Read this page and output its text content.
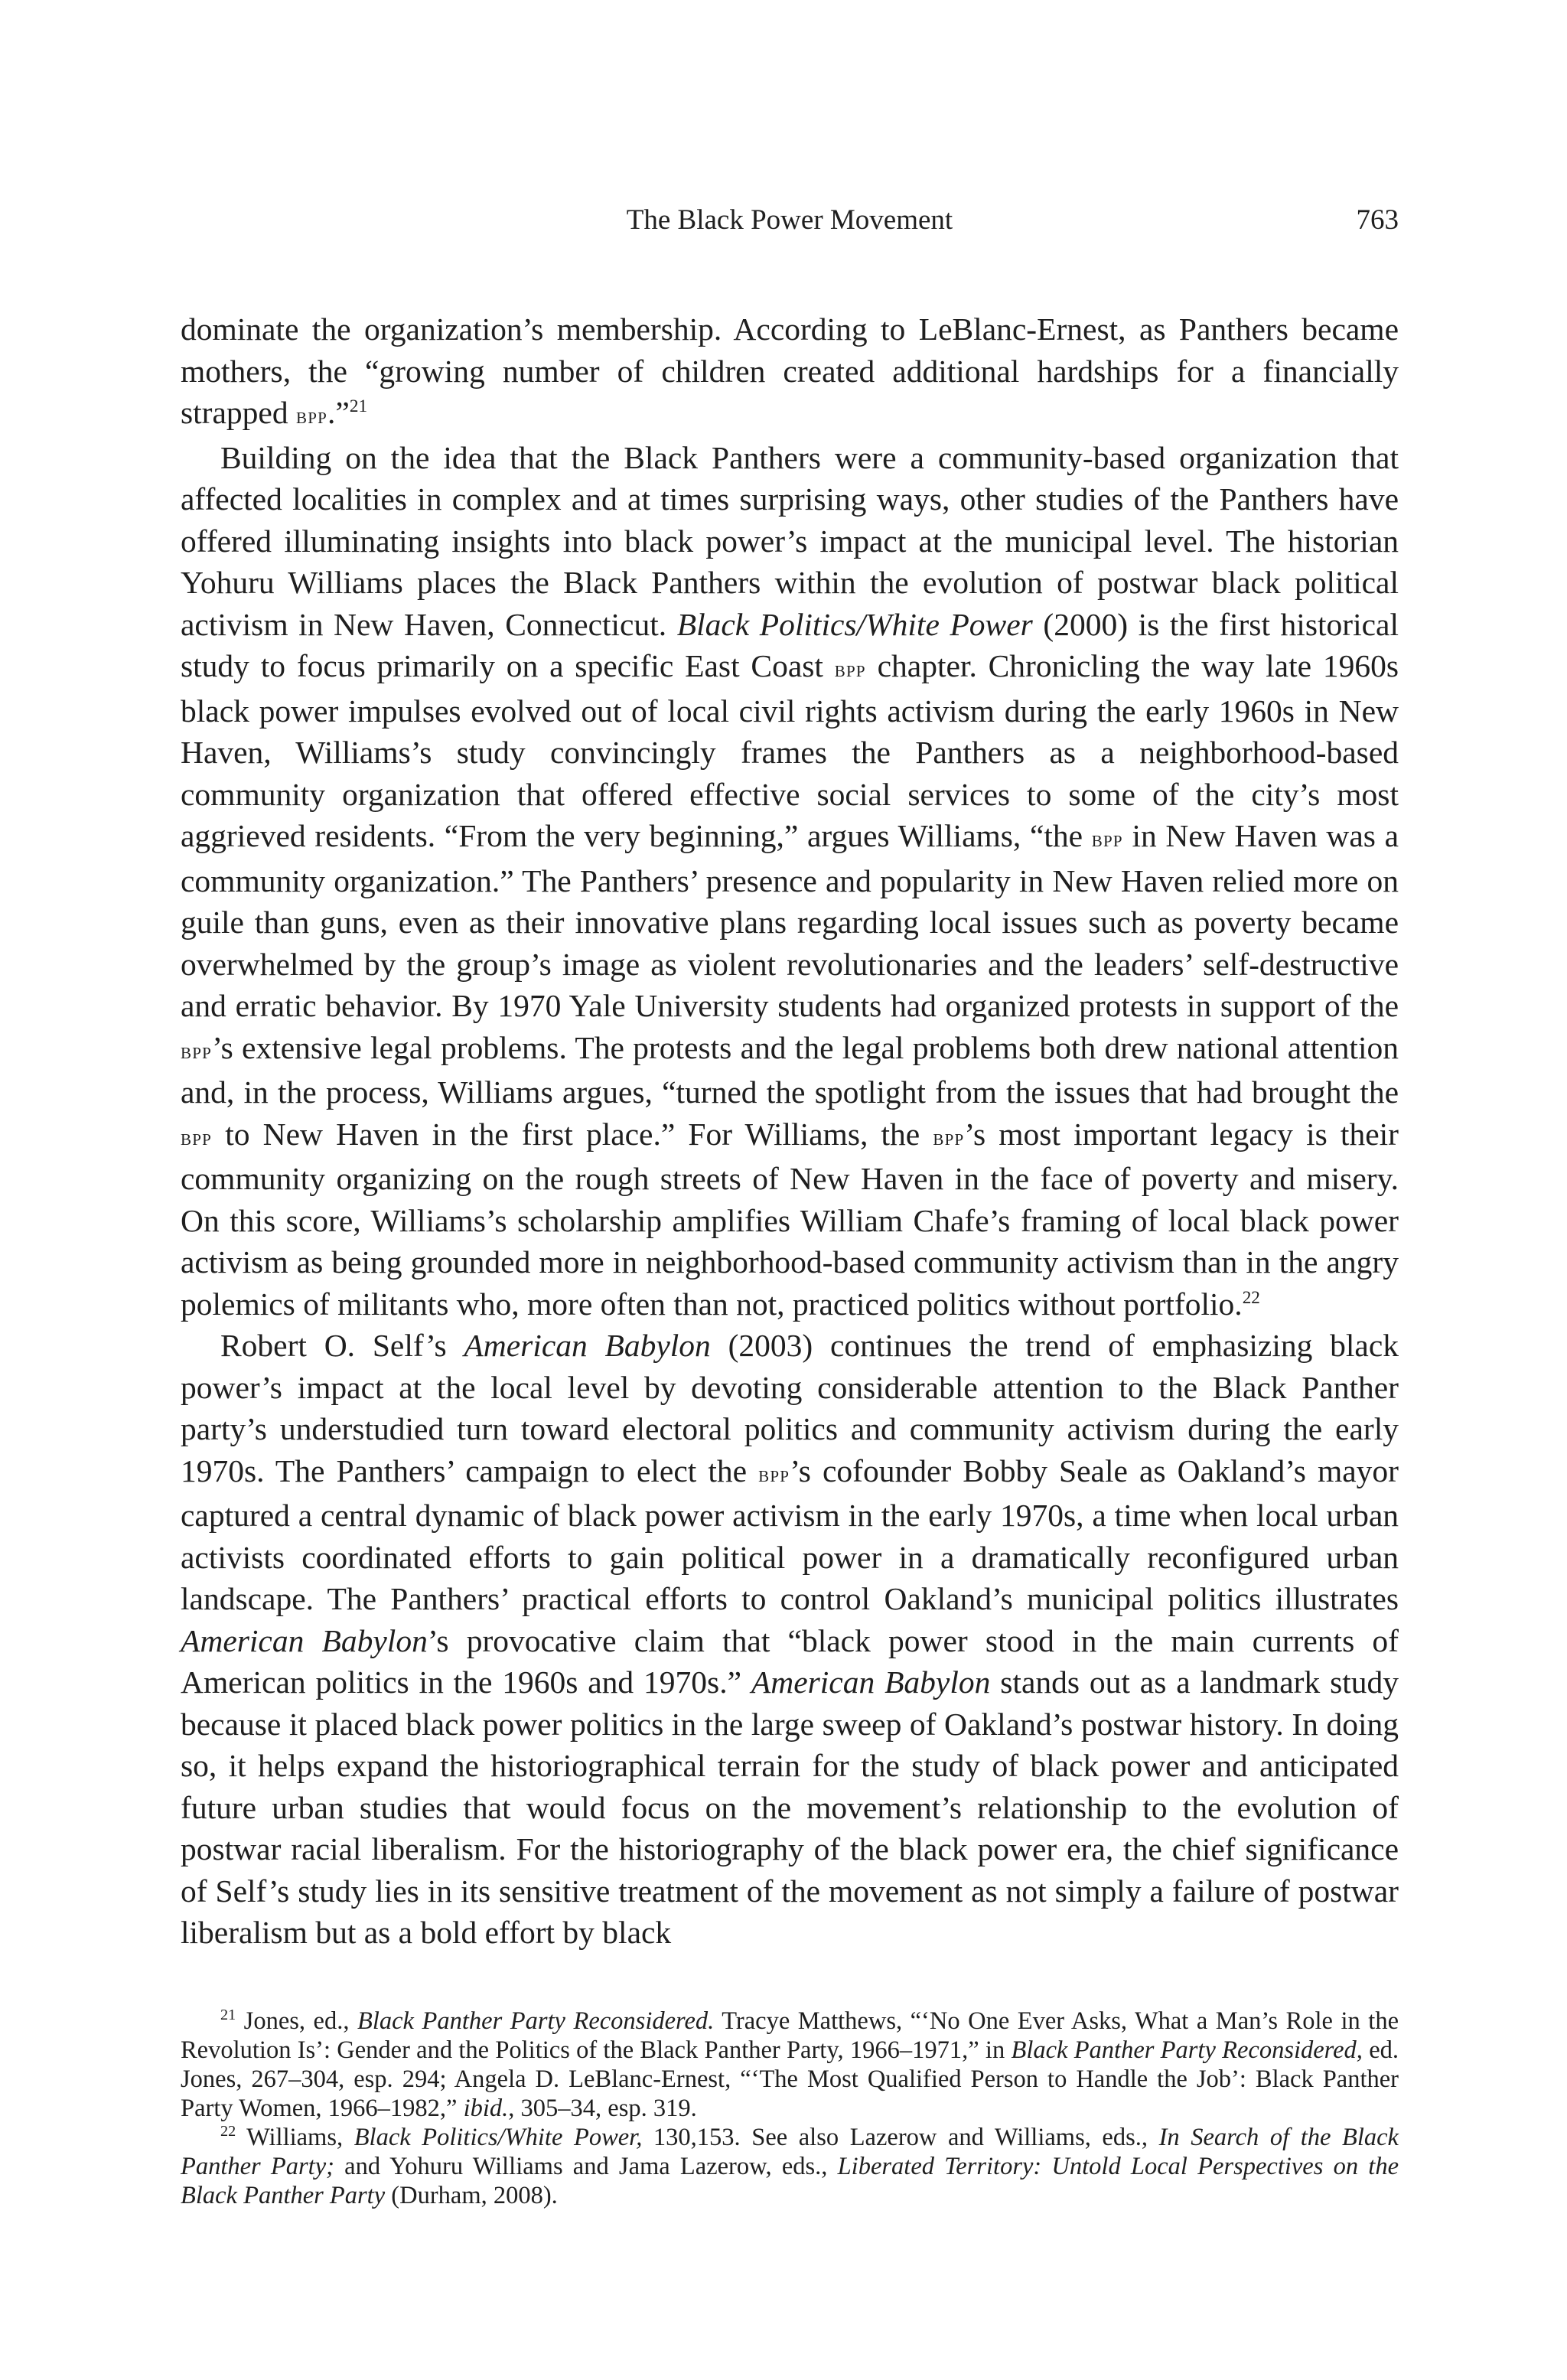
The Black Power Movement	763

dominate the organization’s membership. According to LeBlanc-Ernest, as Panthers became mothers, the “growing number of children created additional hardships for a financially strapped bpp.”$^{21}$

Building on the idea that the Black Panthers were a community-based organization that affected localities in complex and at times surprising ways, other studies of the Panthers have offered illuminating insights into black power’s impact at the municipal level. The historian Yohuru Williams places the Black Panthers within the evolution of postwar black political activism in New Haven, Connecticut. Black Politics/White Power (2000) is the first historical study to focus primarily on a specific East Coast bpp chapter. Chronicling the way late 1960s black power impulses evolved out of local civil rights activism during the early 1960s in New Haven, Williams’s study convincingly frames the Panthers as a neighborhood-based community organization that offered effective social services to some of the city’s most aggrieved residents. “From the very beginning,” argues Williams, “the bpp in New Haven was a community organization.” The Panthers’ presence and popularity in New Haven relied more on guile than guns, even as their innovative plans regarding local issues such as poverty became overwhelmed by the group’s image as violent revolutionaries and the leaders’ self-destructive and erratic behavior. By 1970 Yale University students had organized protests in support of the bpp’s extensive legal problems. The protests and the legal problems both drew national attention and, in the process, Williams argues, “turned the spotlight from the issues that had brought the bpp to New Haven in the first place.” For Williams, the bpp’s most important legacy is their community organizing on the rough streets of New Haven in the face of poverty and misery. On this score, Williams’s scholarship amplifies William Chafe’s framing of local black power activism as being grounded more in neighborhood-based community activism than in the angry polemics of militants who, more often than not, practiced politics without portfolio.$^{22}$

Robert O. Self’s American Babylon (2003) continues the trend of emphasizing black power’s impact at the local level by devoting considerable attention to the Black Panther party’s understudied turn toward electoral politics and community activism during the early 1970s. The Panthers’ campaign to elect the bpp’s cofounder Bobby Seale as Oakland’s mayor captured a central dynamic of black power activism in the early 1970s, a time when local urban activists coordinated efforts to gain political power in a dramatically reconfigured urban landscape. The Panthers’ practical efforts to control Oakland’s municipal politics illustrates American Babylon’s provocative claim that “black power stood in the main currents of American politics in the 1960s and 1970s.” American Babylon stands out as a landmark study because it placed black power politics in the large sweep of Oakland’s postwar history. In doing so, it helps expand the historiographical terrain for the study of black power and anticipated future urban studies that would focus on the movement’s relationship to the evolution of postwar racial liberalism. For the historiography of the black power era, the chief significance of Self’s study lies in its sensitive treatment of the movement as not simply a failure of postwar liberalism but as a bold effort by black

$^{21}$ Jones, ed., Black Panther Party Reconsidered. Tracye Matthews, “‘No One Ever Asks, What a Man’s Role in the Revolution Is’: Gender and the Politics of the Black Panther Party, 1966–1971,” in Black Panther Party Reconsidered, ed. Jones, 267–304, esp. 294; Angela D. LeBlanc-Ernest, “‘The Most Qualified Person to Handle the Job’: Black Panther Party Women, 1966–1982,” ibid., 305–34, esp. 319.

$^{22}$ Williams, Black Politics/White Power, 130,153. See also Lazerow and Williams, eds., In Search of the Black Panther Party; and Yohuru Williams and Jama Lazerow, eds., Liberated Territory: Untold Local Perspectives on the Black Panther Party (Durham, 2008).
